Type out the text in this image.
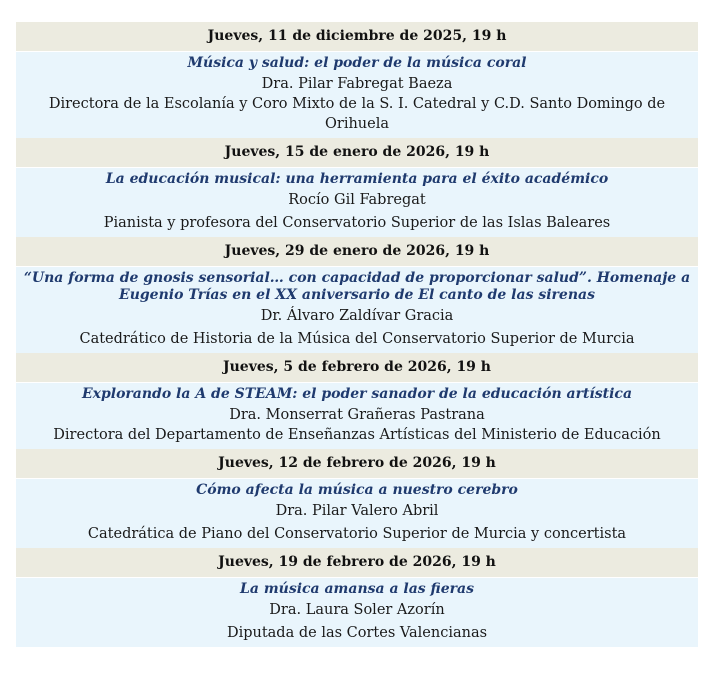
Jueves, 11 de diciembre de 2025, 19 h
Música y salud: el poder de la música coral
Dra. Pilar Fabregat Baeza
Directora de la Escolanía y Coro Mixto de la S. I. Catedral y C.D. Santo Domingo de Orihuela
Jueves, 15 de enero de 2026, 19 h
La educación musical: una herramienta para el éxito académico
Rocío Gil Fabregat
Pianista y profesora del Conservatorio Superior de las Islas Baleares
Jueves, 29 de enero de 2026, 19 h
“Una forma de gnosis sensorial… con capacidad de proporcionar salud”. Homenaje a Eugenio Trías en el XX aniversario de El canto de las sirenas
Dr. Álvaro Zaldívar Gracia
Catedrático de Historia de la Música del Conservatorio Superior de Murcia
Jueves, 5 de febrero de 2026, 19 h
Explorando la A de STEAM: el poder sanador de la educación artística
Dra. Monserrat Grañeras Pastrana
Directora del Departamento de Enseñanzas Artísticas del Ministerio de Educación
Jueves, 12 de febrero de 2026, 19 h
Cómo afecta la música a nuestro cerebro
Dra. Pilar Valero Abril
Catedrática de Piano del Conservatorio Superior de Murcia y concertista
Jueves, 19 de febrero de 2026, 19 h
La música amansa a las fieras
Dra. Laura Soler Azorín
Diputada de las Cortes Valencianas
